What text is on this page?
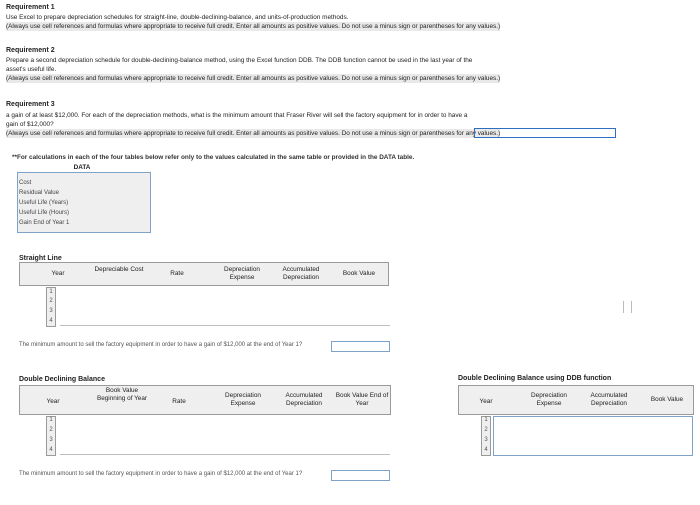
Requirement 1
Use Excel to prepare depreciation schedules for straight-line, double-declining-balance, and units-of-production methods.
(Always use cell references and formulas where appropriate to receive full credit. Enter all amounts as positive values. Do not use a minus sign or parentheses for any values.)
Requirement 2
Prepare a second depreciation schedule for double-declining-balance method, using the Excel function DDB. The DDB function cannot be used in the last year of the
asset's useful life.
(Always use cell references and formulas where appropriate to receive full credit. Enter all amounts as positive values. Do not use a minus sign or parentheses for any values.)
Requirement 3
a gain of at least $12,000. For each of the depreciation methods, what is the minimum amount that Fraser River will sell the factory equipment for in order to have a
gain of $12,000?
(Always use cell references and formulas where appropriate to receive full credit. Enter all amounts as positive values. Do not use a minus sign or parentheses for any values.)
**For calculations in each of the four tables below refer only to the values calculated in the same table or provided in the DATA table.
DATA
Cost
Residual Value
Useful Life (Years)
Useful Life (Hours)
Gain End of Year 1
Straight Line
Year
Depreciable Cost
Rate
Depreciation Expense
Accumulated Depreciation
Book Value
1
2
3
4
The minimum amount to sell the factory equipment in order to have a gain of $12,000 at the end of Year 1?
Double Declining Balance
Year
Book Value Beginning of Year	Rate
Depreciation Expense
Accumulated Depreciation
Book Value End of Year
1
2
3
4
The minimum amount to sell the factory equipment in order to have a gain of $12,000 at the end of Year 1?
Double Declining Balance using DDB function
Year
Depreciation Expense
Accumulated Depreciation
Book Value
1
2
3
4
